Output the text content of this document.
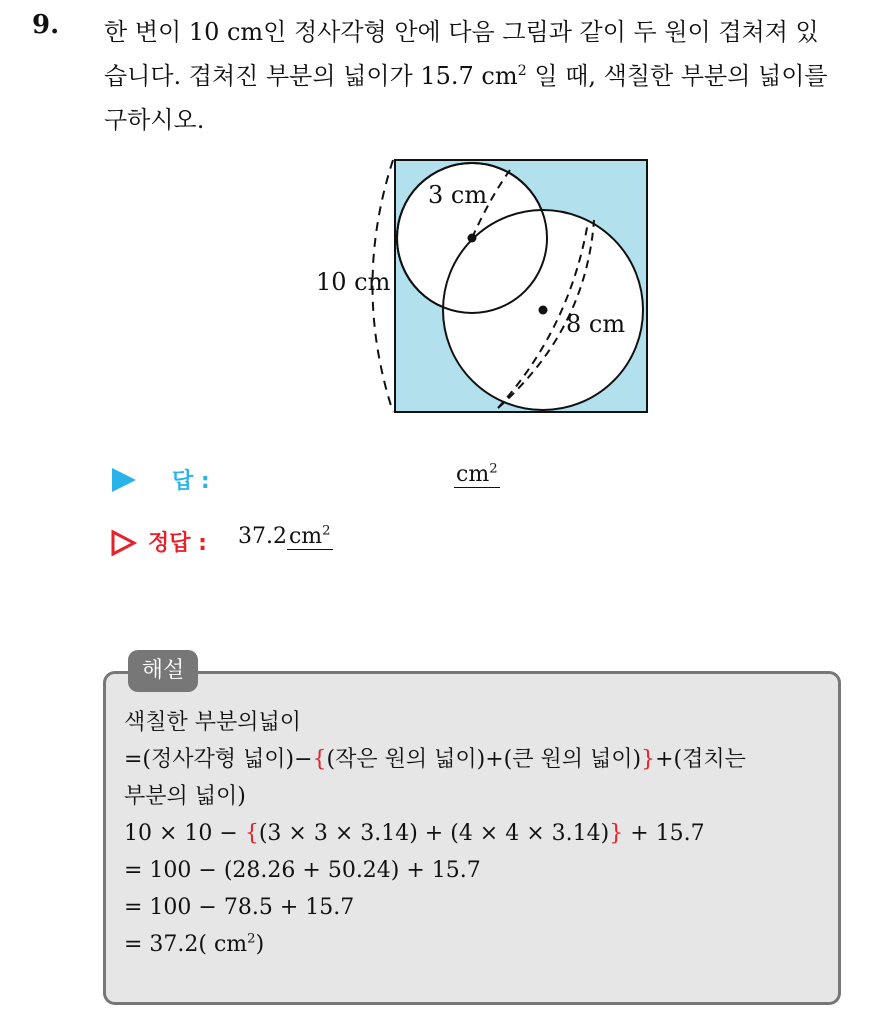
9. 한 변이 10 cm인 정사각형 안에 다음 그림과 같이 두 원이 겹쳐져 있
습니다. 겹쳐진 부분의 넓이가 15.7 $cm^2$ 일 때, 색칠한 부분의 넓이를
구하시오.
10 cm
3 cm
8 cm
답 :	$cm^2$
정답 : $37.2cm^2$
해설
색칠한 부분의넓이
=(정사각형 넓이)−{(작은 원의 넓이)+(큰 원의 넓이)}+(겹치는
부분의 넓이)
10 × 10 − {(3 × 3 × 3.14) + (4 × 4 × 3.14)} + 15.7
= 100 − (28.26 + 50.24) + 15.7
= 100 − 78.5 + 15.7
= 37.2( $cm^2$)
